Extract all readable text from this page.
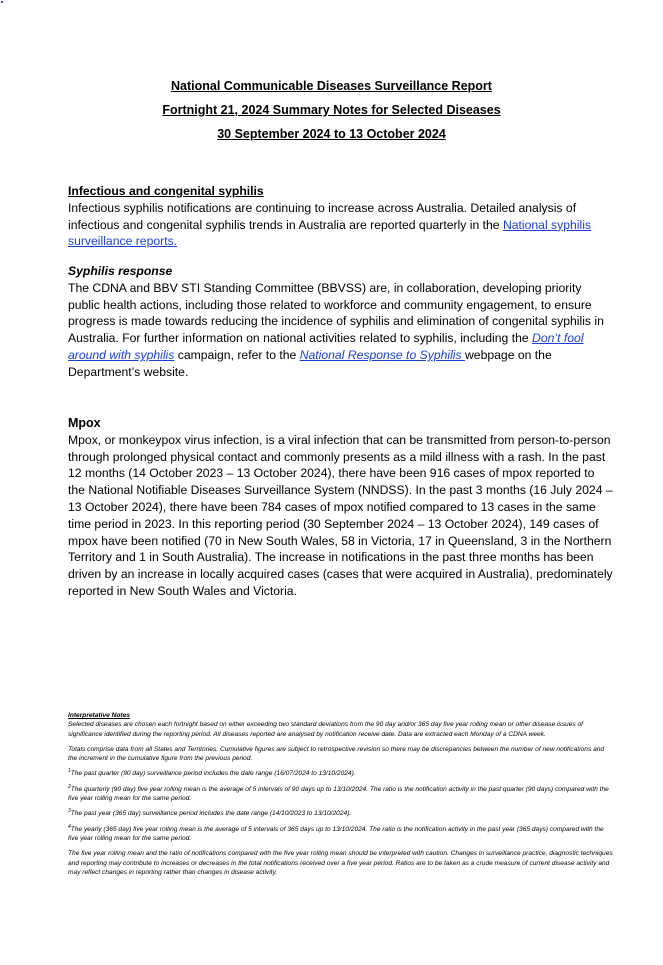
National Communicable Diseases Surveillance Report

Fortnight 21, 2024 Summary Notes for Selected Diseases

30 September 2024 to 13 October 2024

Infectious and congenital syphilis

Infectious syphilis notifications are continuing to increase across Australia. Detailed analysis of infectious and congenital syphilis trends in Australia are reported quarterly in the National syphilis surveillance reports.

Syphilis response

The CDNA and BBV STI Standing Committee (BBVSS) are, in collaboration, developing priority public health actions, including those related to workforce and community engagement, to ensure progress is made towards reducing the incidence of syphilis and elimination of congenital syphilis in Australia. For further information on national activities related to syphilis, including the Don’t fool around with syphilis campaign, refer to the National Response to Syphilis webpage on the Department’s website.

Mpox

Mpox, or monkeypox virus infection, is a viral infection that can be transmitted from person-to-person through prolonged physical contact and commonly presents as a mild illness with a rash. In the past 12 months (14 October 2023 – 13 October 2024), there have been 916 cases of mpox reported to the National Notifiable Diseases Surveillance System (NNDSS). In the past 3 months (16 July 2024 – 13 October 2024), there have been 784 cases of mpox notified compared to 13 cases in the same time period in 2023. In this reporting period (30 September 2024 – 13 October 2024), 149 cases of mpox have been notified (70 in New South Wales, 58 in Victoria, 17 in Queensland, 3 in the Northern Territory and 1 in South Australia). The increase in notifications in the past three months has been driven by an increase in locally acquired cases (cases that were acquired in Australia), predominately reported in New South Wales and Victoria.

Interpretative Notes

Selected diseases are chosen each fortnight based on either exceeding two standard deviations from the 90 day and/or 365 day five year rolling mean or other disease issues of significance identified during the reporting period. All diseases reported are analysed by notification receive date. Data are extracted each Monday of a CDNA week.

Totals comprise data from all States and Territories. Cumulative figures are subject to retrospective revision so there may be discrepancies between the number of new notifications and the increment in the cumulative figure from the previous period.

$^1$The past quarter (90 day) surveillance period includes the date range (16/07/2024 to 13/10/2024).

$^2$The quarterly (90 day) five year rolling mean is the average of 5 intervals of 90 days up to 13/10/2024. The ratio is the notification activity in the past quarter (90 days) compared with the five year rolling mean for the same period.

$^3$The past year (365 day) surveillance period includes the date range (14/10/2023 to 13/10/2024).

$^4$The yearly (365 day) five year rolling mean is the average of 5 intervals of 365 days up to 13/10/2024. The ratio is the notification activity in the past year (365 days) compared with the five year rolling mean for the same period.

The five year rolling mean and the ratio of notifications compared with the five year rolling mean should be interpreted with caution. Changes in surveillance practice, diagnostic techniques and reporting may contribute to increases or decreases in the total notifications received over a five year period. Ratios are to be taken as a crude measure of current disease activity and may reflect changes in reporting rather than changes in disease activity.
